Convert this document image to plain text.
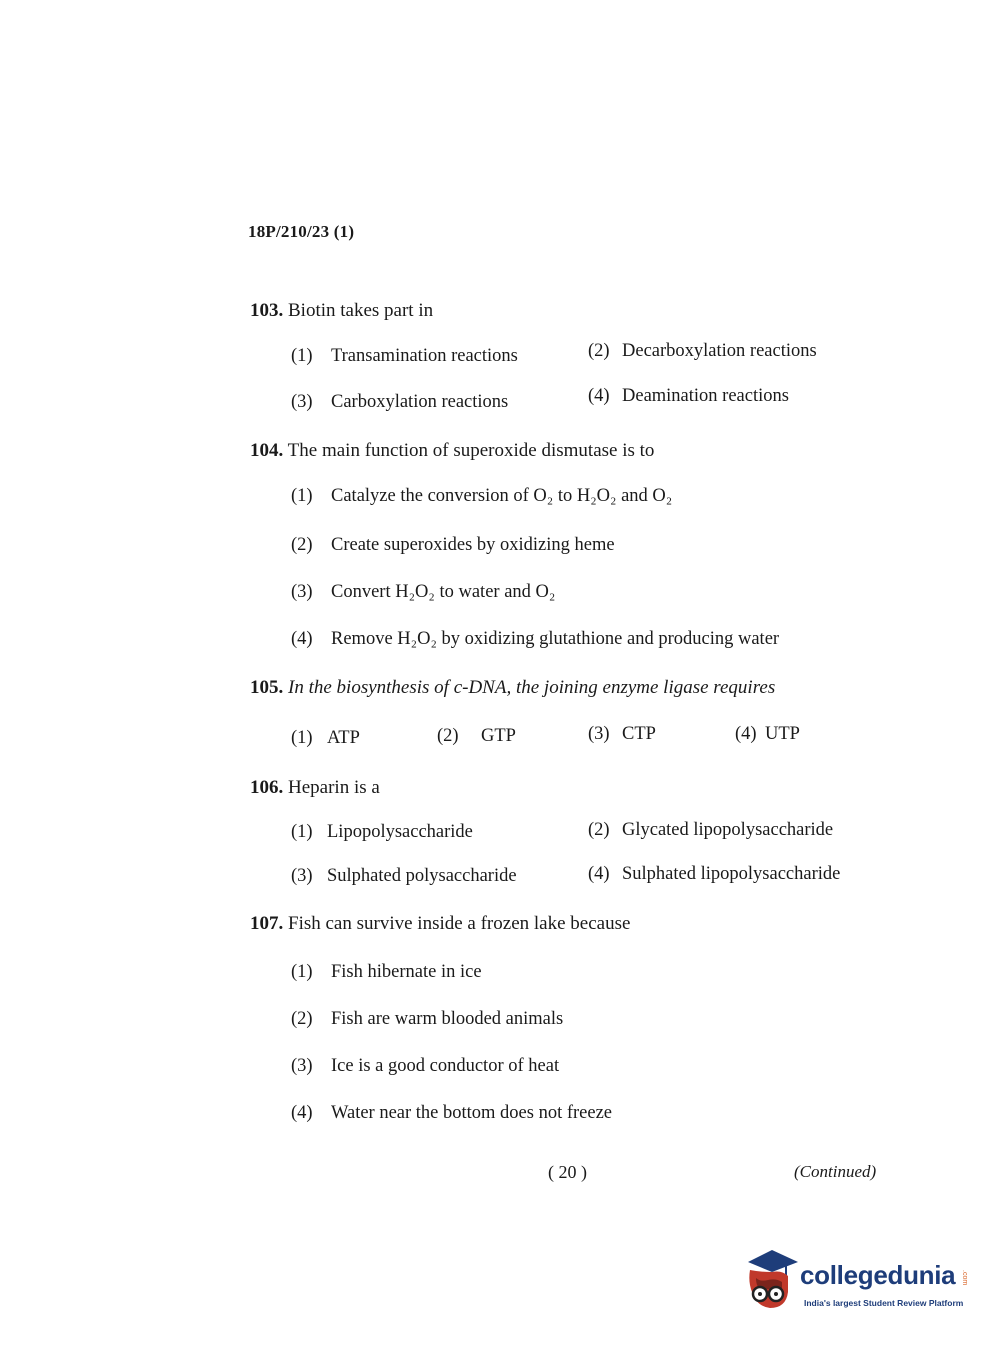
18P/210/23 (1)
103. Biotin takes part in
(1) Transamination reactions	(2) Decarboxylation reactions
(3) Carboxylation reactions	(4) Deamination reactions
104. The main function of superoxide dismutase is to
(1) Catalyze the conversion of O₂ to H₂O₂ and O₂
(2) Create superoxides by oxidizing heme
(3) Convert H₂O₂ to water and O₂
(4) Remove H₂O₂ by oxidizing glutathione and producing water
105. In the biosynthesis of c-DNA, the joining enzyme ligase requires
(1) ATP	(2) GTP	(3) CTP	(4) UTP
106. Heparin is a
(1) Lipopolysaccharide	(2) Glycated lipopolysaccharide
(3) Sulphated polysaccharide	(4) Sulphated lipopolysaccharide
107. Fish can survive inside a frozen lake because
(1) Fish hibernate in ice
(2) Fish are warm blooded animals
(3) Ice is a good conductor of heat
(4) Water near the bottom does not freeze
( 20 )	(Continued)
collegedunia .com
India's largest Student Review Platform
